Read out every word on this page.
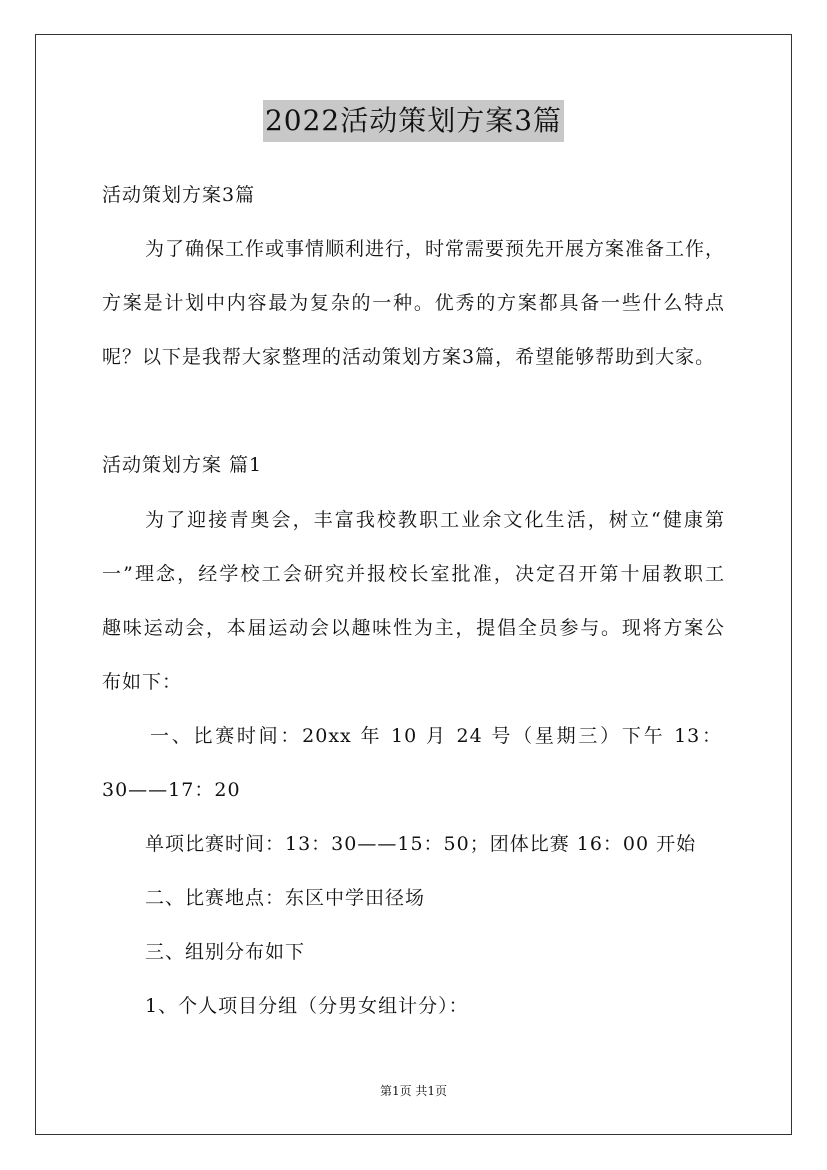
2022活动策划方案3篇
活动策划方案3篇
为了确保工作或事情顺利进行，时常需要预先开展方案准备工作，
方案是计划中内容最为复杂的一种。优秀的方案都具备一些什么特点
呢？以下是我帮大家整理的活动策划方案3篇，希望能够帮助到大家。
活动策划方案 篇1
为了迎接青奥会，丰富我校教职工业余文化生活，树立“健康第
一”理念，经学校工会研究并报校长室批准，决定召开第十届教职工
趣味运动会，本届运动会以趣味性为主，提倡全员参与。现将方案公
布如下：
一、比赛时间：20xx 年 10 月 24 号（星期三）下午 13：
30——17：20
单项比赛时间：13：30——15：50；团体比赛 16：00 开始
二、比赛地点：东区中学田径场
三、组别分布如下
1、个人项目分组（分男女组计分）：
第1页 共1页
